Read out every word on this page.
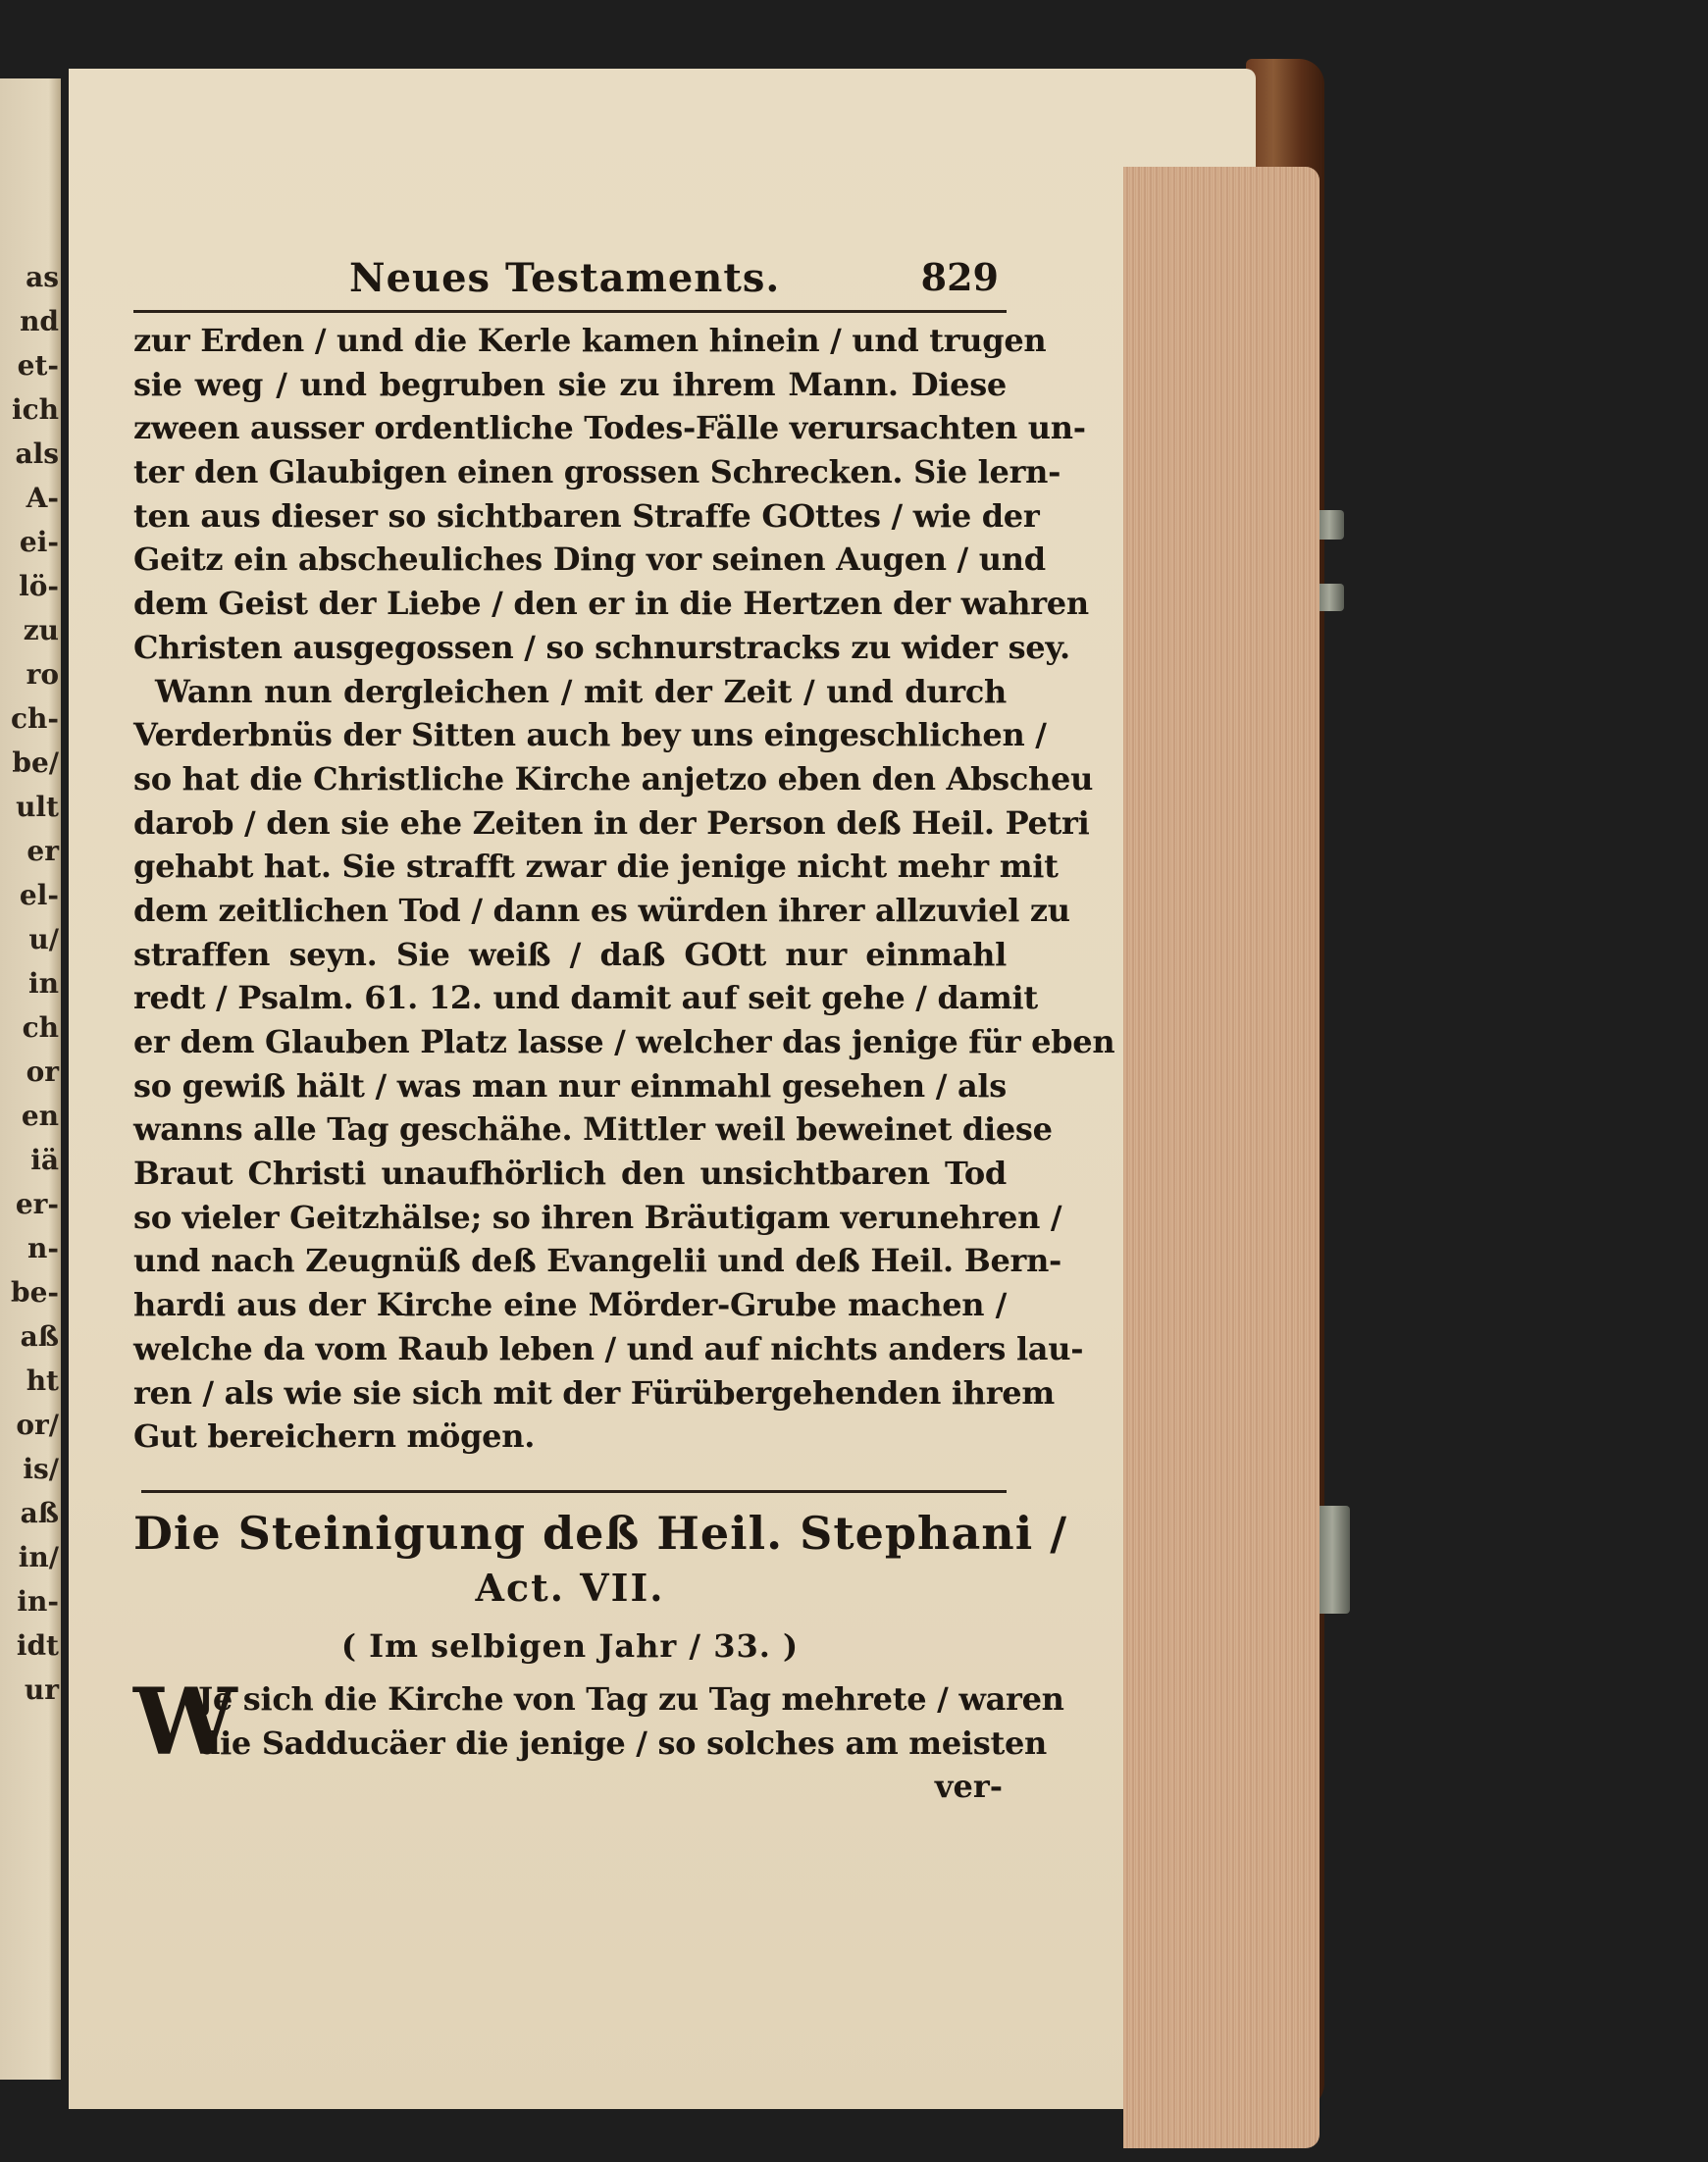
as
nd
et-
ich
als
A-
ei-
lö-
zu
ro
ch-
be/
ult
er
el-
u/
in
ch
or
en
iä
er-
n-
be-
aß
ht
or/
is/
aß
in/
in-
idt
ur
Neues Testaments.	829
zur Erden / und die Kerle kamen hinein / und trugen
sie weg / und begruben sie zu ihrem Mann. Diese
zween ausser ordentliche Todes-Fälle verursachten un-
ter den Glaubigen einen grossen Schrecken. Sie lern-
ten aus dieser so sichtbaren Straffe GOttes / wie der
Geitz ein abscheuliches Ding vor seinen Augen / und
dem Geist der Liebe / den er in die Hertzen der wahren
Christen ausgegossen / so schnurstracks zu wider sey.
Wann nun dergleichen / mit der Zeit / und durch
Verderbnüs der Sitten auch bey uns eingeschlichen /
so hat die Christliche Kirche anjetzo eben den Abscheu
darob / den sie ehe Zeiten in der Person deß Heil. Petri
gehabt hat. Sie strafft zwar die jenige nicht mehr mit
dem zeitlichen Tod / dann es würden ihrer allzuviel zu
straffen seyn. Sie weiß / daß GOtt nur einmahl
redt / Psalm. 61. 12. und damit auf seit gehe / damit
er dem Glauben Platz lasse / welcher das jenige für eben
so gewiß hält / was man nur einmahl gesehen / als
wanns alle Tag geschähe. Mittler weil beweinet diese
Braut Christi unaufhörlich den unsichtbaren Tod
so vieler Geitzhälse; so ihren Bräutigam verunehren /
und nach Zeugnüß deß Evangelii und deß Heil. Bern-
hardi aus der Kirche eine Mörder-Grube machen /
welche da vom Raub leben / und auf nichts anders lau-
ren / als wie sie sich mit der Fürübergehenden ihrem
Gut bereichern mögen.
Die Steinigung deß Heil. Stephani /
Act. VII.
( Im selbigen Jahr / 33. )
W
Je sich die Kirche von Tag zu Tag mehrete / waren
die Sadducäer die jenige / so solches am meisten
ver-
